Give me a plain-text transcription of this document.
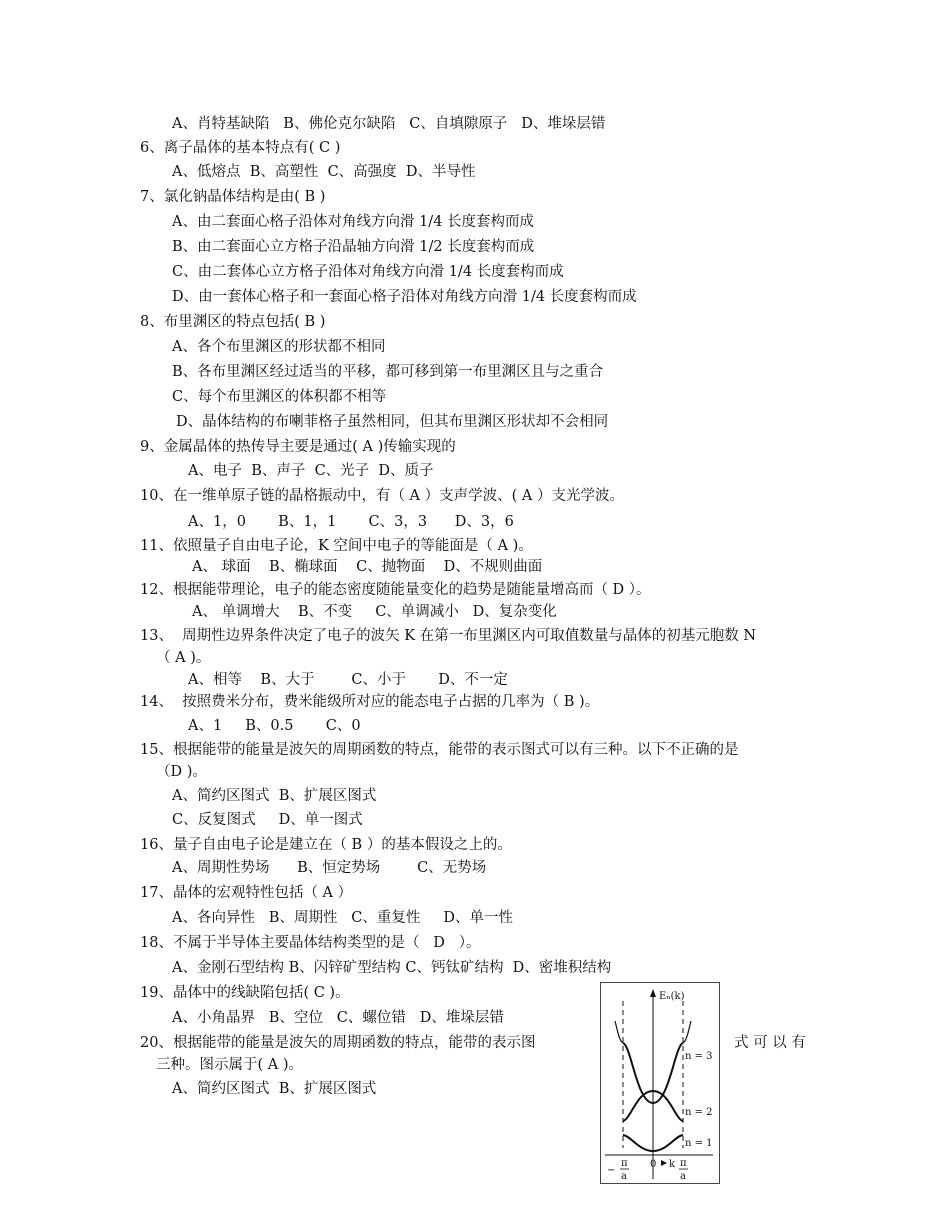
A、肖特基缺陷   B、佛伦克尔缺陷   C、自填隙原子   D、堆垛层错
6、离子晶体的基本特点有( C )
A、低熔点  B、高塑性  C、高强度  D、半导性
7、氯化钠晶体结构是由( B )
A、由二套面心格子沿体对角线方向滑 1/4 长度套构而成
B、由二套面心立方格子沿晶轴方向滑 1/2 长度套构而成
C、由二套体心立方格子沿体对角线方向滑 1/4 长度套构而成
D、由一套体心格子和一套面心格子沿体对角线方向滑 1/4 长度套构而成
8、布里渊区的特点包括( B )
A、各个布里渊区的形状都不相同
B、各布里渊区经过适当的平移，都可移到第一布里渊区且与之重合
C、每个布里渊区的体积都不相等
D、晶体结构的布喇菲格子虽然相同，但其布里渊区形状却不会相同
9、金属晶体的热传导主要是通过( A )传输实现的
A、电子  B、声子  C、光子  D、质子
10、在一维单原子链的晶格振动中，有（ A ）支声学波、( A ）支光学波。
A、1，0       B、1，1       C、3，3      D、3，6
11、依照量子自由电子论，K 空间中电子的等能面是（ A )。
A、 球面    B、椭球面    C、抛物面    D、不规则曲面
12、根据能带理论，电子的能态密度随能量变化的趋势是随能量增高而（ D ）。
A、 单调增大    B、不变     C、单调减小   D、复杂变化
13、  周期性边界条件决定了电子的波矢 K 在第一布里渊区内可取值数量与晶体的初基元胞数 N
（ A )。
A、相等    B、大于        C、小于       D、不一定
14、  按照费米分布，费米能级所对应的能态电子占据的几率为（ B )。
A、1     B、0.5       C、0
15、根据能带的能量是波矢的周期函数的特点，能带的表示图式可以有三种。以下不正确的是
（D )。
A、简约区图式  B、扩展区图式
C、反复图式     D、单一图式
16、量子自由电子论是建立在（ B ）的基本假设之上的。
A、周期性势场      B、恒定势场        C、无势场
17、晶体的宏观特性包括（ A ）
A、各向异性   B、周期性   C、重复性     D、单一性
18、不属于半导体主要晶体结构类型的是（   D   ）。
A、金刚石型结构 B、闪锌矿型结构 C、钙钛矿结构  D、密堆积结构
19、晶体中的线缺陷包括( C )。
A、小角晶界   B、空位   C、螺位错   D、堆垛层错
20、根据能带的能量是波矢的周期函数的特点，能带的表示图	式 可 以 有
三种。图示属于( A )。
A、简约区图式  B、扩展区图式
Eₙ(k)
n = 3
n = 2
n = 1
k
0
−
π
a
π
a
